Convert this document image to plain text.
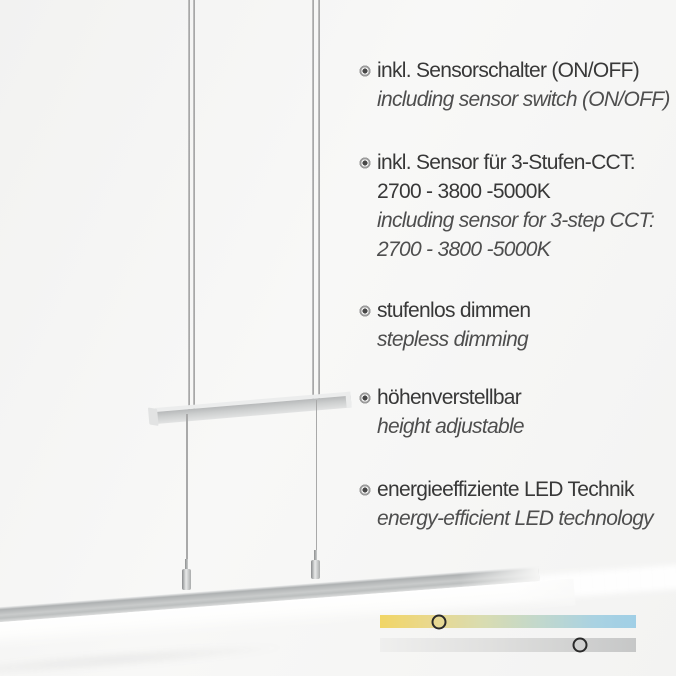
inkl. Sensorschalter (ON/OFF)
including sensor switch (ON/OFF)
inkl. Sensor für 3-Stufen-CCT:
2700 - 3800 -5000K
including sensor for 3-step CCT:
2700 - 3800 -5000K
stufenlos dimmen
stepless dimming
höhenverstellbar
height adjustable
energieeffiziente LED Technik
energy-efficient LED technology
